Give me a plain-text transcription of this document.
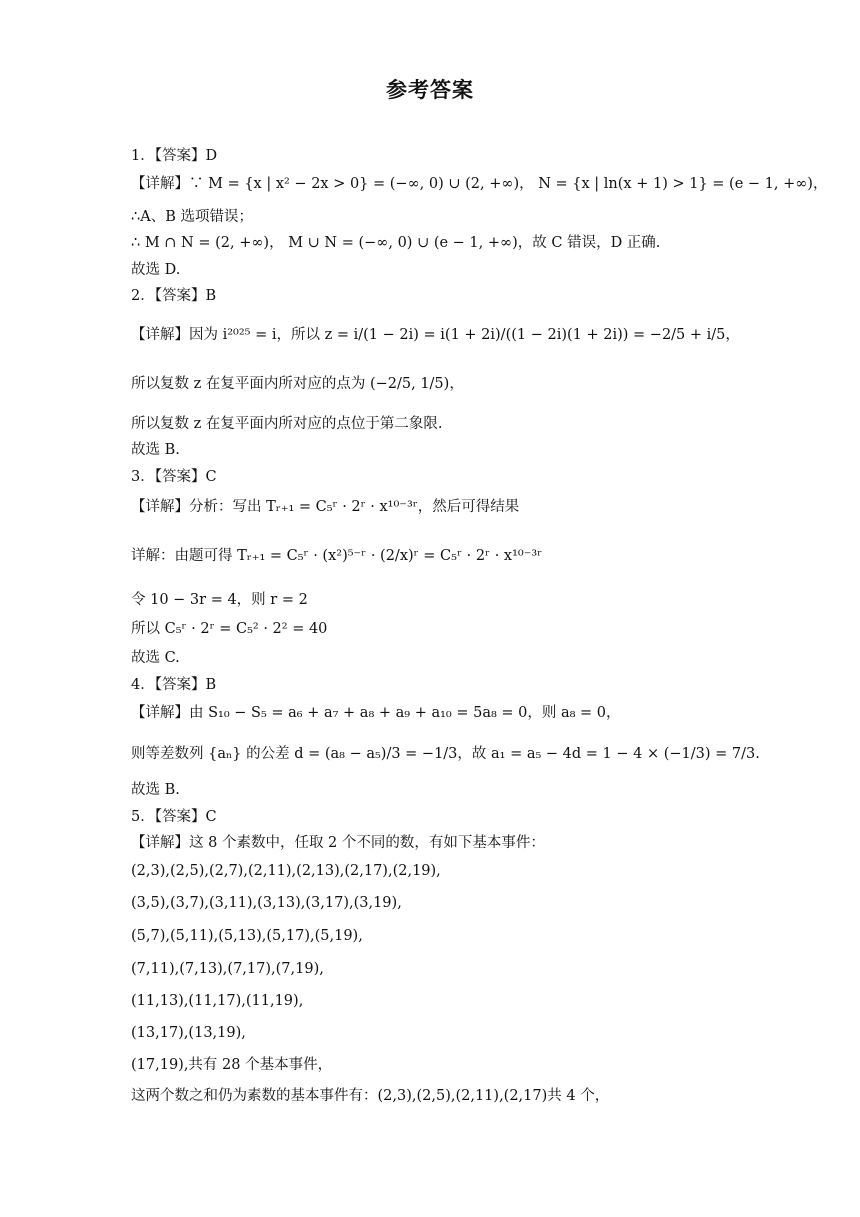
参考答案
1．【答案】D
【详解】∵ M = {x | x² − 2x > 0} = (−∞, 0) ∪ (2, +∞)， N = {x | ln(x + 1) > 1} = (e − 1, +∞)，
∴A、B 选项错误；
∴ M ∩ N = (2, +∞)， M ∪ N = (−∞, 0) ∪ (e − 1, +∞)，故 C 错误，D 正确.
故选 D.
2．【答案】B
【详解】因为 i²⁰²⁵ = i，所以 z = i/(1 − 2i) = i(1 + 2i)/((1 − 2i)(1 + 2i)) = −2/5 + i/5，
所以复数 z 在复平面内所对应的点为 (−2/5, 1/5)，
所以复数 z 在复平面内所对应的点位于第二象限.
故选 B.
3．【答案】C
【详解】分析：写出 Tᵣ₊₁ = C₅ʳ · 2ʳ · x¹⁰⁻³ʳ，然后可得结果
详解：由题可得 Tᵣ₊₁ = C₅ʳ · (x²)⁵⁻ʳ · (2/x)ʳ = C₅ʳ · 2ʳ · x¹⁰⁻³ʳ
令 10 − 3r = 4，则 r = 2
所以 C₅ʳ · 2ʳ = C₅² · 2² = 40
故选 C.
4．【答案】B
【详解】由 S₁₀ − S₅ = a₆ + a₇ + a₈ + a₉ + a₁₀ = 5a₈ = 0，则 a₈ = 0，
则等差数列 {aₙ} 的公差 d = (a₈ − a₅)/3 = −1/3，故 a₁ = a₅ − 4d = 1 − 4 × (−1/3) = 7/3.
故选 B.
5．【答案】C
【详解】这 8 个素数中，任取 2 个不同的数，有如下基本事件：
(2,3),(2,5),(2,7),(2,11),(2,13),(2,17),(2,19),
(3,5),(3,7),(3,11),(3,13),(3,17),(3,19),
(5,7),(5,11),(5,13),(5,17),(5,19),
(7,11),(7,13),(7,17),(7,19),
(11,13),(11,17),(11,19),
(13,17),(13,19),
(17,19),共有 28 个基本事件，
这两个数之和仍为素数的基本事件有：(2,3),(2,5),(2,11),(2,17)共 4 个，
